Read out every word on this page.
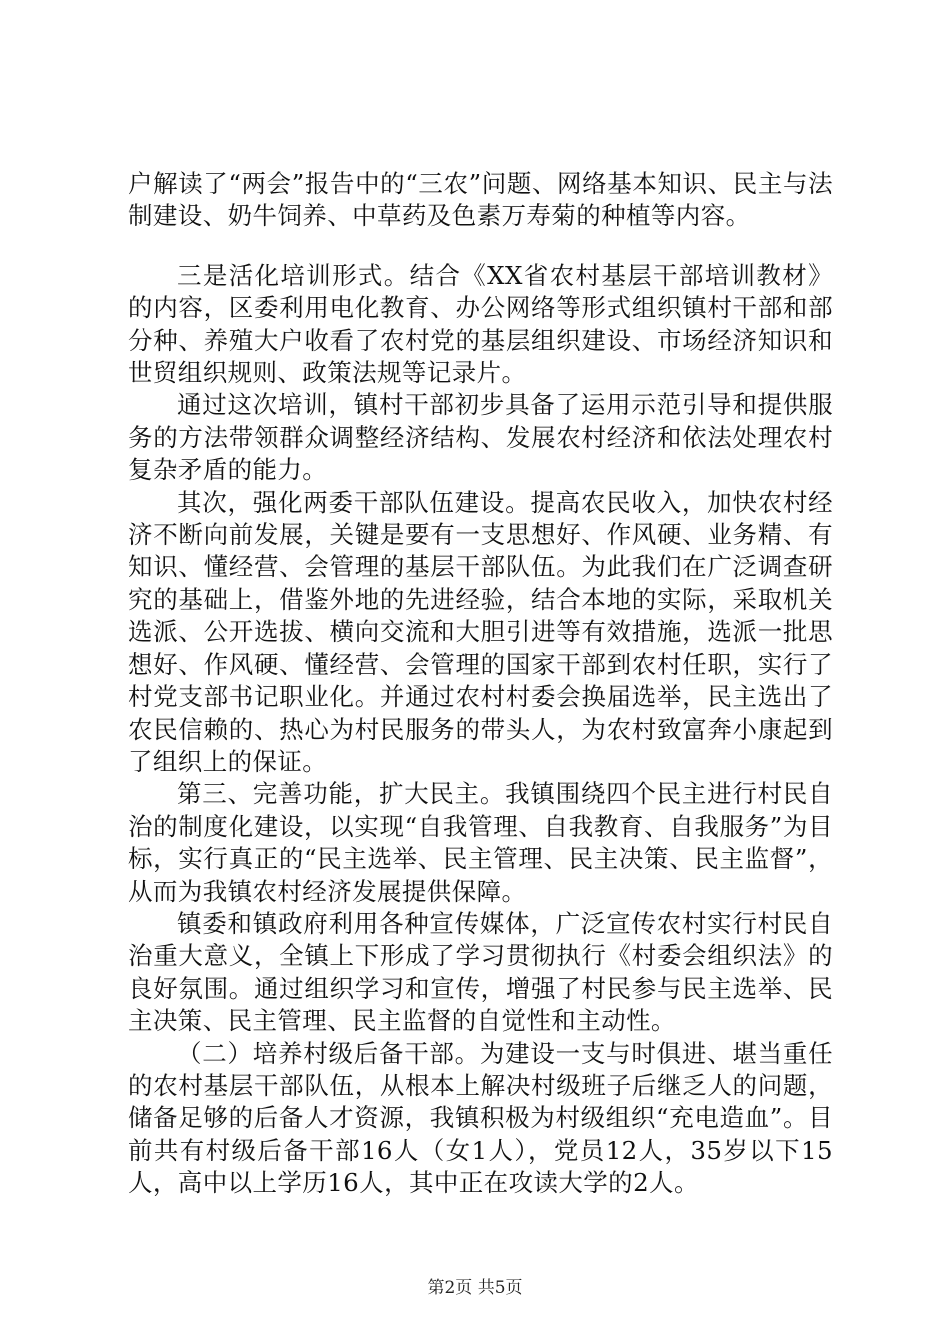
户解读了“两会”报告中的“三农”问题、网络基本知识、民主与法制建设、奶牛饲养、中草药及色素万寿菊的种植等内容。

三是活化培训形式。结合《XX省农村基层干部培训教材》的内容，区委利用电化教育、办公网络等形式组织镇村干部和部分种、养殖大户收看了农村党的基层组织建设、市场经济知识和世贸组织规则、政策法规等记录片。

通过这次培训，镇村干部初步具备了运用示范引导和提供服务的方法带领群众调整经济结构、发展农村经济和依法处理农村复杂矛盾的能力。

其次，强化两委干部队伍建设。提高农民收入，加快农村经济不断向前发展，关键是要有一支思想好、作风硬、业务精、有知识、懂经营、会管理的基层干部队伍。为此我们在广泛调查研究的基础上，借鉴外地的先进经验，结合本地的实际，采取机关选派、公开选拔、横向交流和大胆引进等有效措施，选派一批思想好、作风硬、懂经营、会管理的国家干部到农村任职，实行了村党支部书记职业化。并通过农村村委会换届选举，民主选出了农民信赖的、热心为村民服务的带头人，为农村致富奔小康起到了组织上的保证。

第三、完善功能，扩大民主。我镇围绕四个民主进行村民自治的制度化建设，以实现“自我管理、自我教育、自我服务”为目标，实行真正的“民主选举、民主管理、民主决策、民主监督”，从而为我镇农村经济发展提供保障。

镇委和镇政府利用各种宣传媒体，广泛宣传农村实行村民自治重大意义，全镇上下形成了学习贯彻执行《村委会组织法》的良好氛围。通过组织学习和宣传，增强了村民参与民主选举、民主决策、民主管理、民主监督的自觉性和主动性。

（二）培养村级后备干部。为建设一支与时俱进、堪当重任的农村基层干部队伍，从根本上解决村级班子后继乏人的问题，储备足够的后备人才资源，我镇积极为村级组织“充电造血”。目前共有村级后备干部16人（女1人），党员12人，35岁以下15人，高中以上学历16人，其中正在攻读大学的2人。

第2页 共5页
